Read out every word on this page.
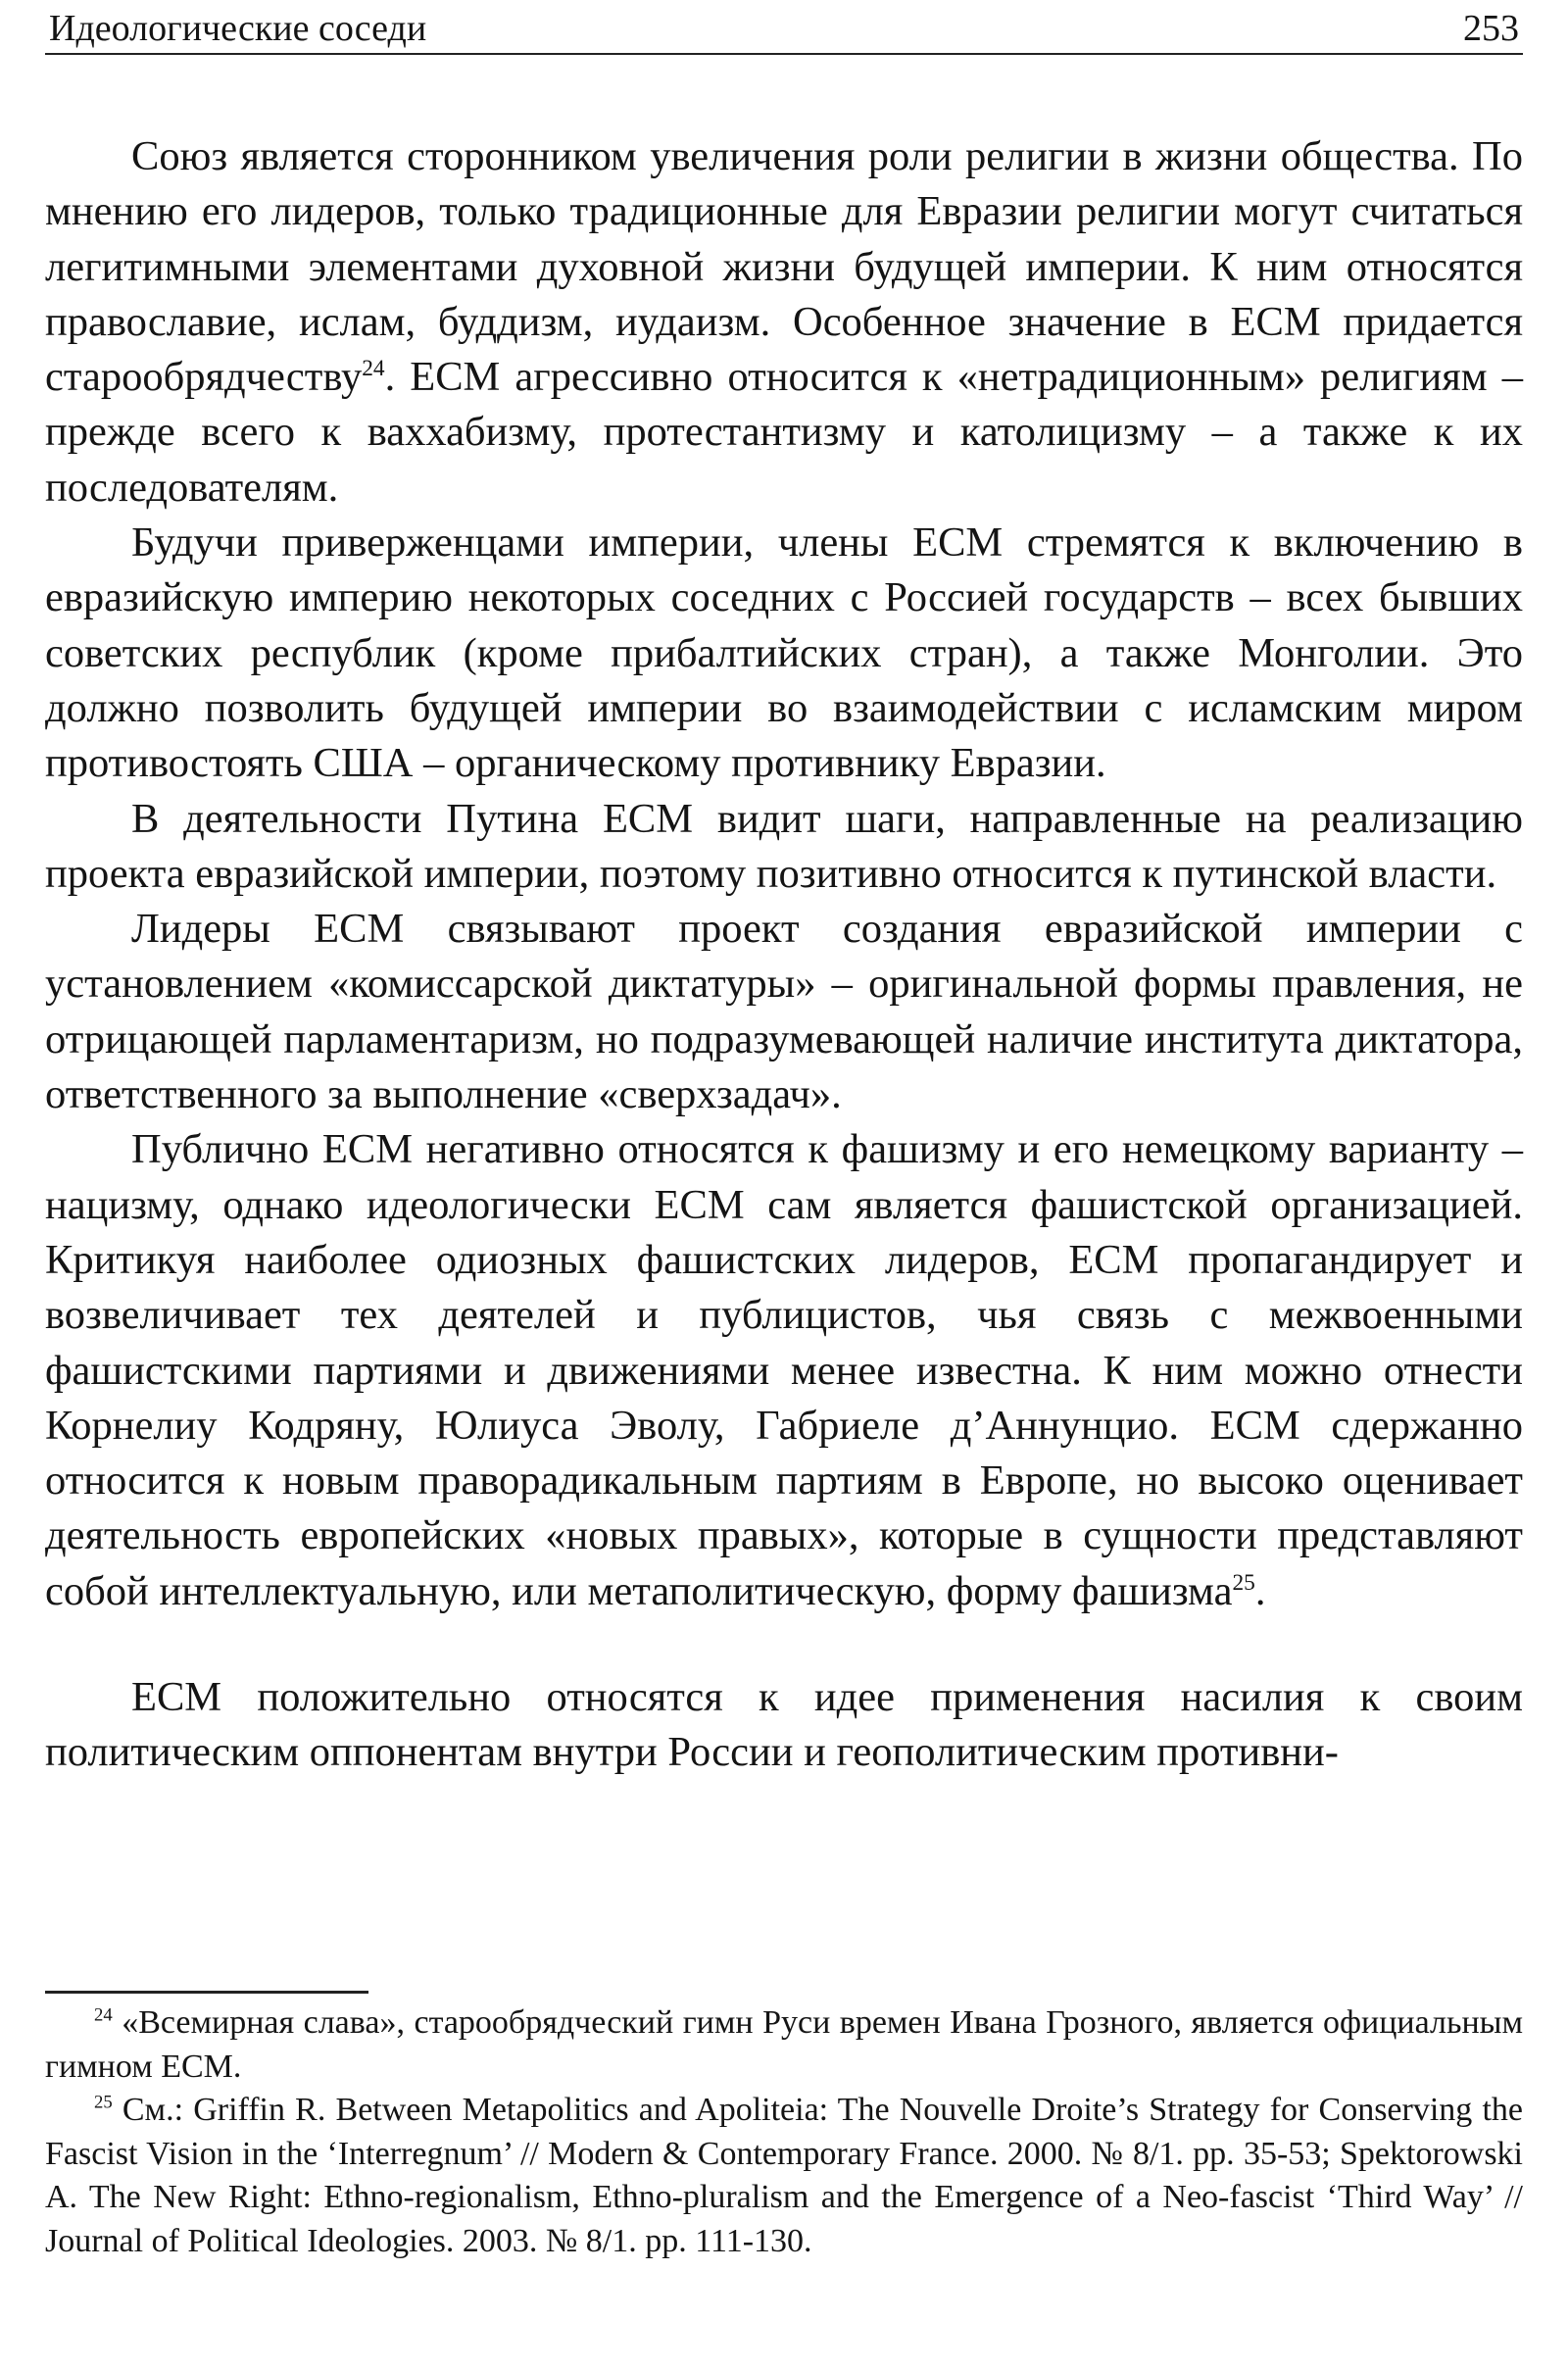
Идеологические соседи	253

Союз является сторонником увеличения роли религии в жизни общества. По мнению его лидеров, только традиционные для Евразии религии могут считаться легитимными элементами духовной жизни будущей империи. К ним относятся православие, ислам, буддизм, иудаизм. Особенное значение в ЕСМ придается старообрядчеству$^{24}$. ЕСМ агрессивно относится к «нетрадиционным» религиям – прежде всего к ваххабизму, протестантизму и католицизму – а также к их последователям.

Будучи приверженцами империи, члены ЕСМ стремятся к включению в евразийскую империю некоторых соседних с Россией государств – всех бывших советских республик (кроме прибалтийских стран), а также Монголии. Это должно позволить будущей империи во взаимодействии с исламским миром противостоять США – органическому противнику Евразии.

В деятельности Путина ЕСМ видит шаги, направленные на реализацию проекта евразийской империи, поэтому позитивно относится к путинской власти.

Лидеры ЕСМ связывают проект создания евразийской империи с установлением «комиссарской диктатуры» – оригинальной формы правления, не отрицающей парламентаризм, но подразумевающей наличие института диктатора, ответственного за выполнение «сверхзадач».

Публично ЕСМ негативно относятся к фашизму и его немецкому варианту – нацизму, однако идеологически ЕСМ сам является фашистской организацией. Критикуя наиболее одиозных фашистских лидеров, ЕСМ пропагандирует и возвеличивает тех деятелей и публицистов, чья связь с межвоенными фашистскими партиями и движениями менее известна. К ним можно отнести Корнелиу Кодряну, Юлиуса Эволу, Габриеле д’Аннунцио. ЕСМ сдержанно относится к новым праворадикальным партиям в Европе, но высоко оценивает деятельность европейских «новых правых», которые в сущности представляют собой интеллектуальную, или метаполитическую, форму фашизма$^{25}$.

ЕСМ положительно относятся к идее применения насилия к своим политическим оппонентам внутри России и геополитическим противни-

$^{24}$ «Всемирная слава», старообрядческий гимн Руси времен Ивана Грозного, является официальным гимном ЕСМ.

$^{25}$ См.: Griffin R. Between Metapolitics and Apoliteia: The Nouvelle Droite’s Strategy for Conserving the Fascist Vision in the ‘Interregnum’ // Modern & Contemporary France. 2000. № 8/1. pp. 35-53; Spektorowski A. The New Right: Ethno-regionalism, Ethno-pluralism and the Emergence of a Neo-fascist ‘Third Way’ // Journal of Political Ideologies. 2003. № 8/1. pp. 111-130.
